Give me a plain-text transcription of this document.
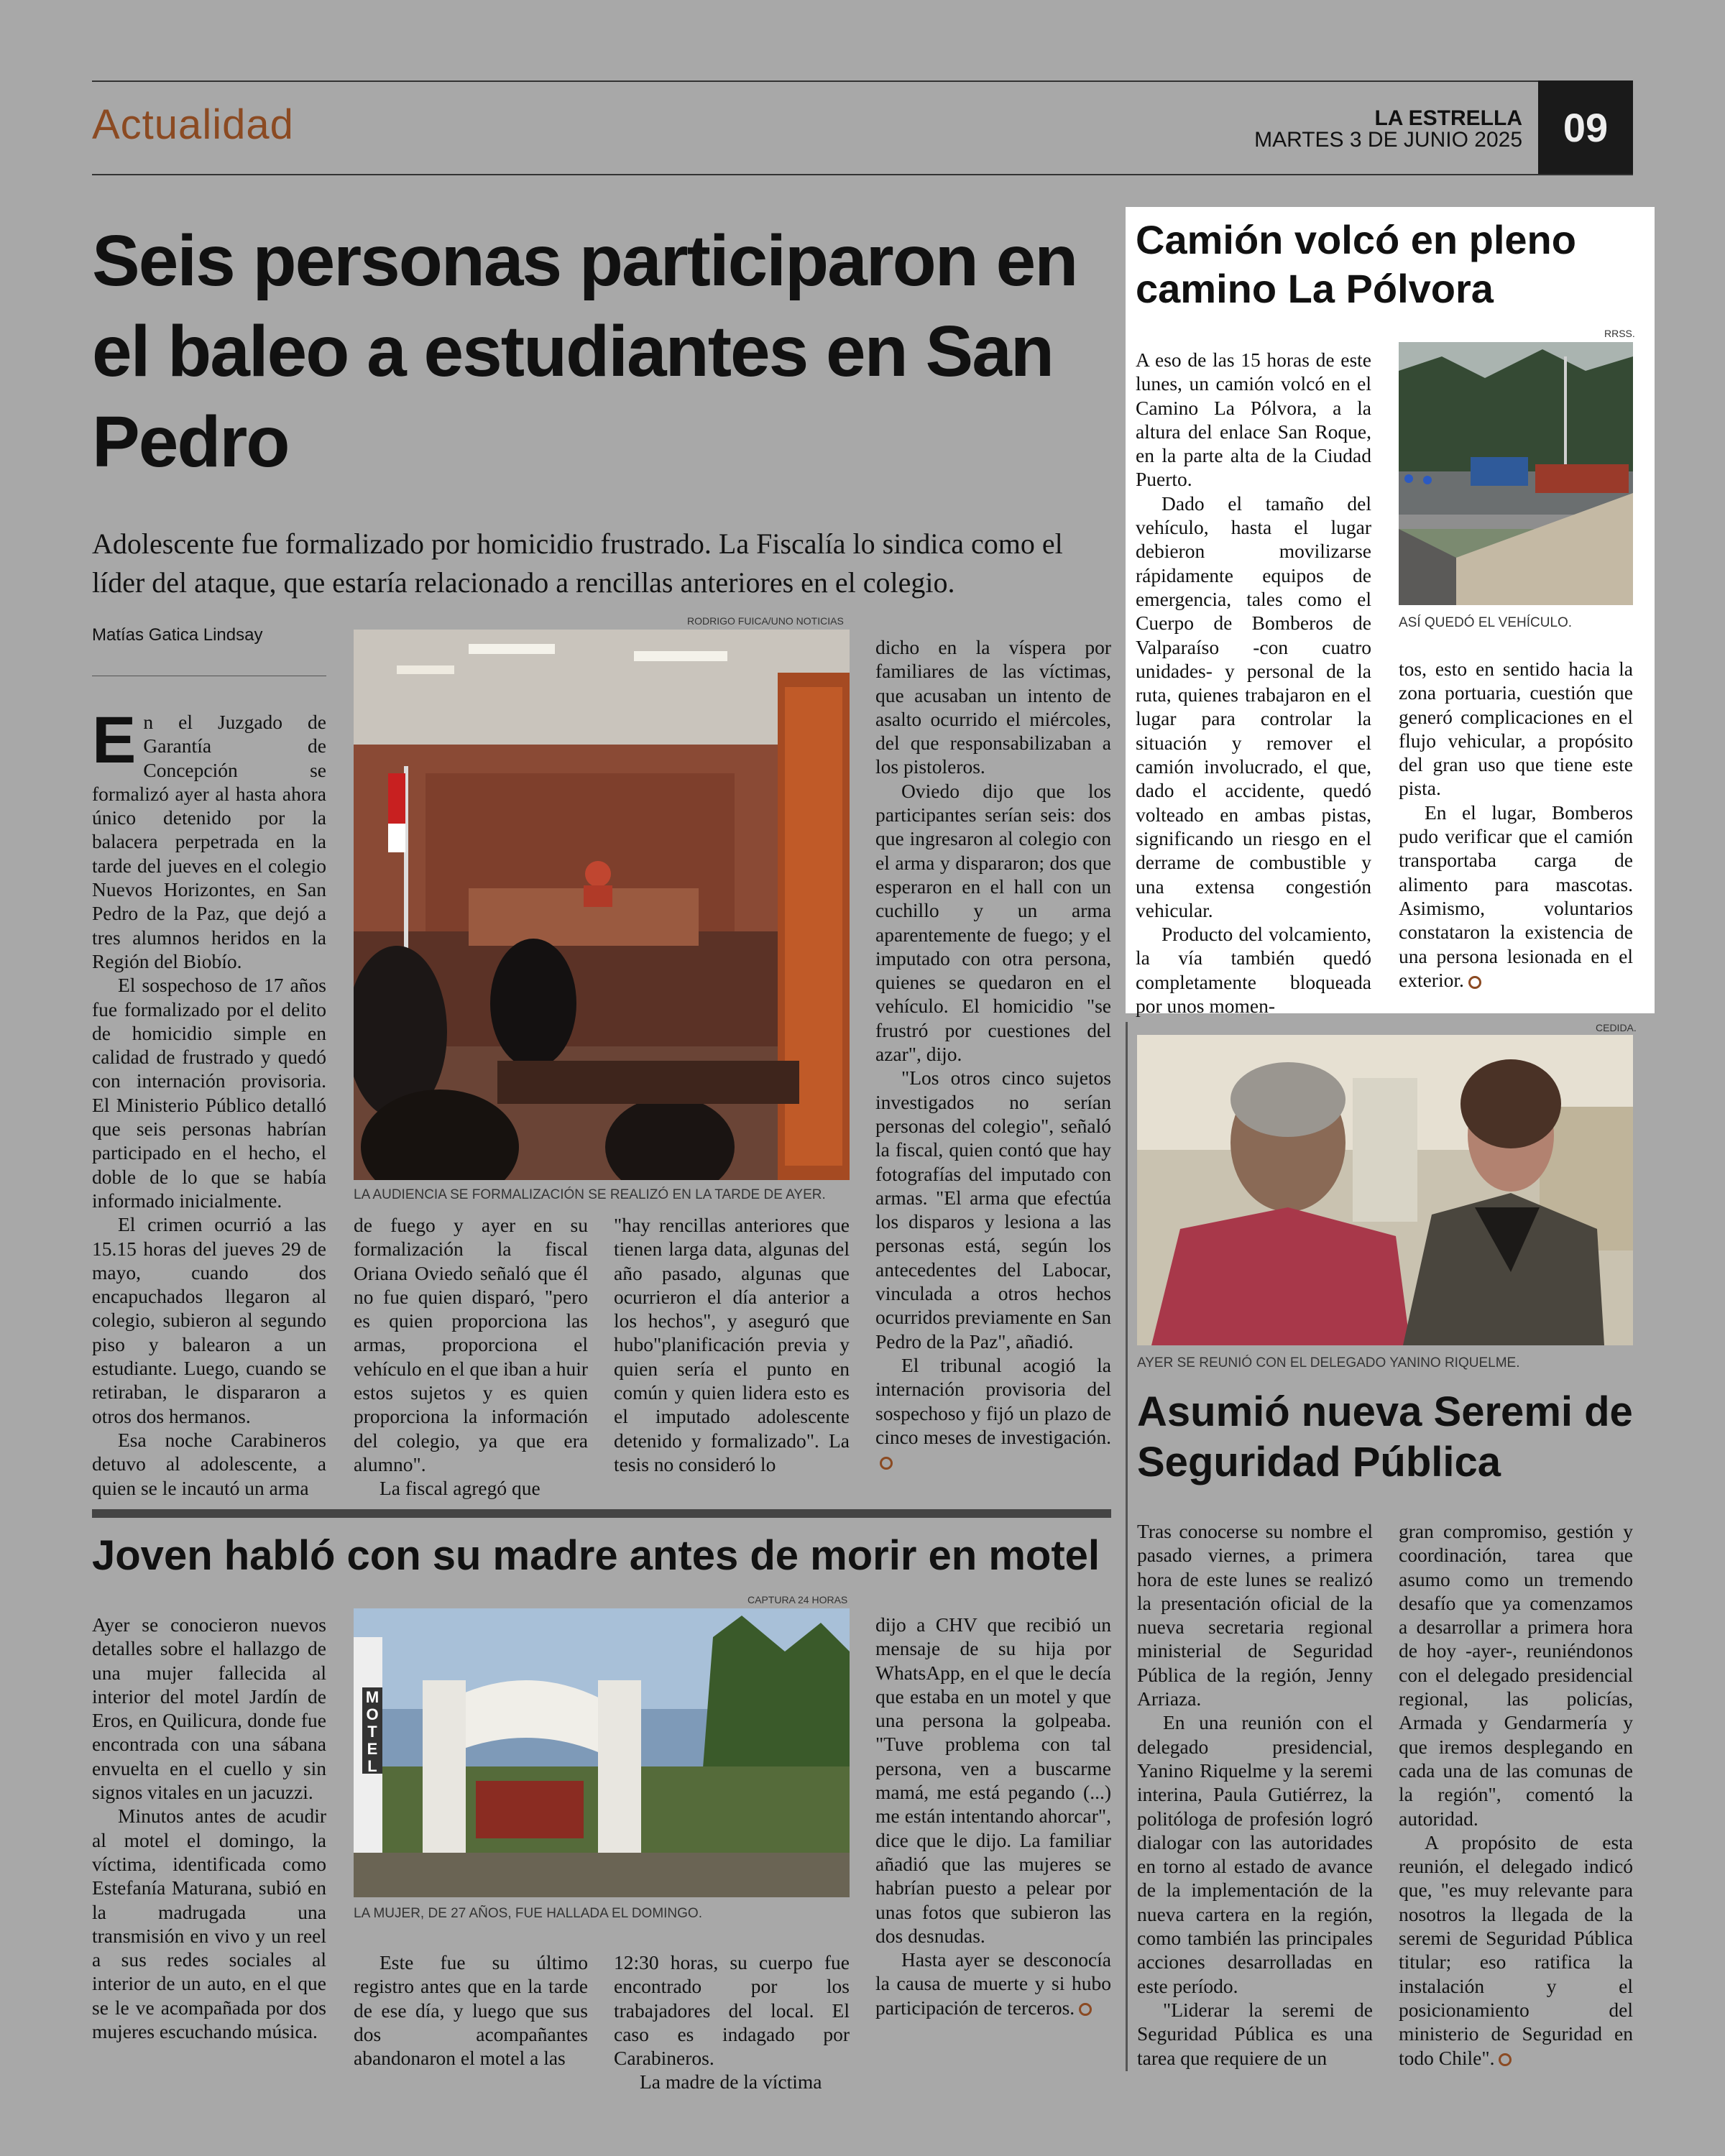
Actualidad	LA ESTRELLA
MARTES 3 DE JUNIO 2025	09
Seis personas participaron en el baleo a estudiantes en San Pedro
Adolescente fue formalizado por homicidio frustrado. La Fiscalía lo sindica como el líder del ataque, que estaría relacionado a rencillas anteriores en el colegio.
Matías Gatica Lindsay

En el Juzgado de Garantía de Concepción se formalizó ayer al hasta ahora único detenido por la balacera perpetrada en la tarde del jueves en el colegio Nuevos Horizontes, en San Pedro de la Paz, que dejó a tres alumnos heridos en la Región del Biobío.

El sospechoso de 17 años fue formalizado por el delito de homicidio simple en calidad de frustrado y quedó con internación provisoria. El Ministerio Público detalló que seis personas habrían participado en el hecho, el doble de lo que se había informado inicialmente.

El crimen ocurrió a las 15.15 horas del jueves 29 de mayo, cuando dos encapuchados llegaron al colegio, subieron al segundo piso y balearon a un estudiante. Luego, cuando se retiraban, le dispararon a otros dos hermanos.

Esa noche Carabineros detuvo al adolescente, a quien se le incautó un arma

RODRIGO FUICA/UNO NOTICIAS
LA AUDIENCIA SE FORMALIZACIÓN SE REALIZÓ EN LA TARDE DE AYER.

de fuego y ayer en su formalización la fiscal Oriana Oviedo señaló que él no fue quien disparó, "pero es quien proporciona las armas, proporciona el vehículo en el que iban a huir estos sujetos y es quien proporciona la información del colegio, ya que era alumno".

La fiscal agregó que

"hay rencillas anteriores que tienen larga data, algunas del año pasado, algunas que ocurrieron el día anterior a los hechos", y aseguró que hubo"planificación previa y quien sería el punto en común y quien lidera esto es el imputado adolescente detenido y formalizado". La tesis no consideró lo

dicho en la víspera por familiares de las víctimas, que acusaban un intento de asalto ocurrido el miércoles, del que responsabilizaban a los pistoleros.

Oviedo dijo que los participantes serían seis: dos que ingresaron al colegio con el arma y dispararon; dos que esperaron en el hall con un cuchillo y un arma aparentemente de fuego; y el imputado con otra persona, quienes se quedaron en el vehículo. El homicidio "se frustró por cuestiones del azar", dijo.

"Los otros cinco sujetos investigados no serían personas del colegio", señaló la fiscal, quien contó que hay fotografías del imputado con armas. "El arma que efectúa los disparos y lesiona a las personas está, según los antecedentes del Labocar, vinculada a otros hechos ocurridos previamente en San Pedro de la Paz", añadió.

El tribunal acogió la internación provisoria del sospechoso y fijó un plazo de cinco meses de investigación.

Camión volcó en pleno camino La Pólvora

A eso de las 15 horas de este lunes, un camión volcó en el Camino La Pólvora, a la altura del enlace San Roque, en la parte alta de la Ciudad Puerto.

Dado el tamaño del vehículo, hasta el lugar debieron movilizarse rápidamente equipos de emergencia, tales como el Cuerpo de Bomberos de Valparaíso -con cuatro unidades- y personal de la ruta, quienes trabajaron en el lugar para controlar la situación y remover el camión involucrado, el que, dado el accidente, quedó volteado en ambas pistas, significando un riesgo en el derrame de combustible y una extensa congestión vehicular.

Producto del volcamiento, la vía también quedó completamente bloqueada por unos momen-

RRSS.
ASÍ QUEDÓ EL VEHÍCULO.

tos, esto en sentido hacia la zona portuaria, cuestión que generó complicaciones en el flujo vehicular, a propósito del gran uso que tiene este pista.

En el lugar, Bomberos pudo verificar que el camión transportaba carga de alimento para mascotas. Asimismo, voluntarios constataron la existencia de una persona lesionada en el exterior.

CEDIDA.
AYER SE REUNIÓ CON EL DELEGADO YANINO RIQUELME.
Asumió nueva Seremi de Seguridad Pública

Tras conocerse su nombre el pasado viernes, a primera hora de este lunes se realizó la presentación oficial de la nueva secretaria regional ministerial de Seguridad Pública de la región, Jenny Arriaza.

En una reunión con el delegado presidencial, Yanino Riquelme y la seremi interina, Paula Gutiérrez, la politóloga de profesión logró dialogar con las autoridades en torno al estado de avance de la implementación de la nueva cartera en la región, como también las principales acciones desarrolladas en este período.

"Liderar la seremi de Seguridad Pública es una tarea que requiere de un

gran compromiso, gestión y coordinación, tarea que asumo como un tremendo desafío que ya comenzamos a desarrollar a primera hora de hoy -ayer-, reuniéndonos con el delegado presidencial regional, las policías, Armada y Gendarmería y que iremos desplegando en cada una de las comunas de la región", comentó la autoridad.

A propósito de esta reunión, el delegado indicó que, "es muy relevante para nosotros la llegada de la seremi de Seguridad Pública titular; eso ratifica la instalación y el posicionamiento del ministerio de Seguridad en todo Chile".

Joven habló con su madre antes de morir en motel

Ayer se conocieron nuevos detalles sobre el hallazgo de una mujer fallecida al interior del motel Jardín de Eros, en Quilicura, donde fue encontrada con una sábana envuelta en el cuello y sin signos vitales en un jacuzzi.

Minutos antes de acudir al motel el domingo, la víctima, identificada como Estefanía Maturana, subió en la madrugada una transmisión en vivo y un reel a sus redes sociales al interior de un auto, en el que se le ve acompañada por dos mujeres escuchando música.

CAPTURA 24 HORAS
MOTEL
LA MUJER, DE 27 AÑOS, FUE HALLADA EL DOMINGO.

Este fue su último registro antes que en la tarde de ese día, y luego que sus dos acompañantes abandonaron el motel a las

12:30 horas, su cuerpo fue encontrado por los trabajadores del local. El caso es indagado por Carabineros.

La madre de la víctima

dijo a CHV que recibió un mensaje de su hija por WhatsApp, en el que le decía que estaba en un motel y que una persona la golpeaba. "Tuve problema con tal persona, ven a buscarme mamá, me está pegando (...) me están intentando ahorcar", dice que le dijo. La familiar añadió que las mujeres se habrían puesto a pelear por unas fotos que subieron las dos desnudas.

Hasta ayer se desconocía la causa de muerte y si hubo participación de terceros.
